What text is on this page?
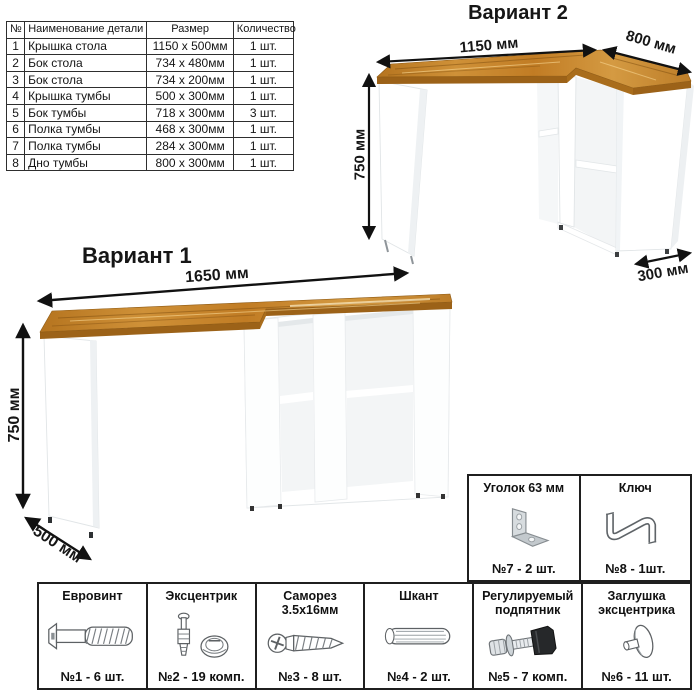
№	Наименование детали	Размер	Количество
1	Крышка стола	1150 х 500мм	1 шт.
2	Бок стола	734 х 480мм	1 шт.
3	Бок стола	734 х 200мм	1 шт.
4	Крышка тумбы	500 х 300мм	1 шт.
5	Бок тумбы	718 х 300мм	3 шт.
6	Полка тумбы	468 х 300мм	1 шт.
7	Полка тумбы	284 х 300мм	1 шт.
8	Дно тумбы	800 х 300мм	1 шт.
Вариант 2
1150 мм	800 мм
750 мм
300 мм
Вариант 1
1650 мм
750 мм
500 мм
Уголок 63 мм
№7 - 2 шт.
Ключ
№8 - 1шт.
Евровинт
№1 - 6 шт.
Эксцентрик
№2 - 19 комп.
Саморез
3.5х16мм
№3 - 8 шт.
Шкант
№4 - 2 шт.
Регулируемый
подпятник
№5 - 7 комп.
Заглушка
эксцентрика
№6 - 11 шт.
